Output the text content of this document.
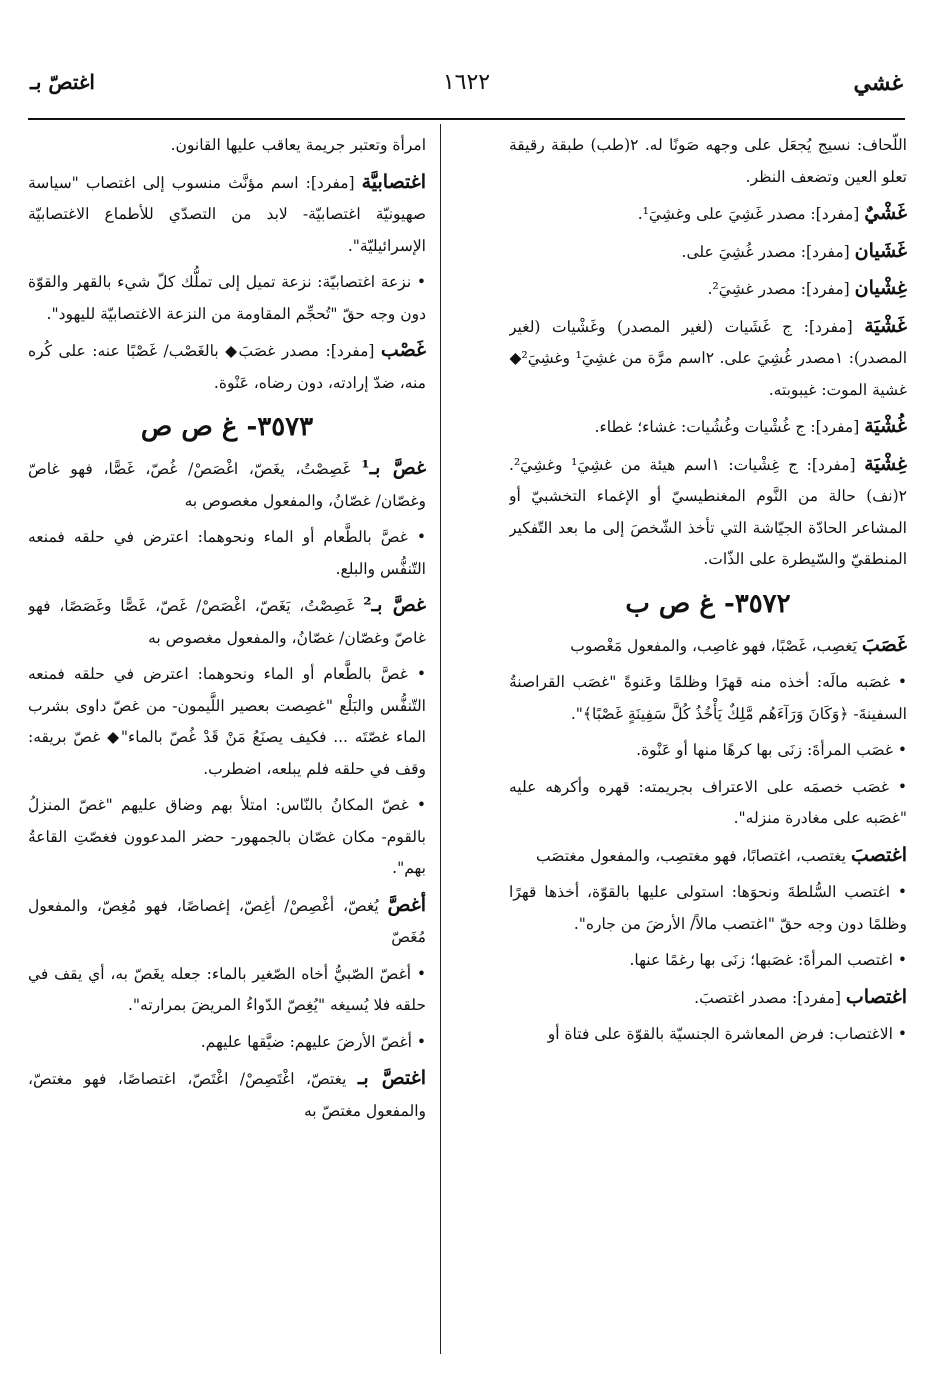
غشي
١٦٢٢
اغتصّ بـ

اللّحاف: نسيج يُجعَل على وجهه صَونًا له. ٢(طب) طبقة رقيقة تعلو العين وتضعف النظر.

غَشْيٌ [مفرد]: مصدر غَشِيَ على وغشِيَ¹.

غَشَيان [مفرد]: مصدر غُشِيَ على.

غِشْيان [مفرد]: مصدر غشِيَ².

غَشْيَة [مفرد]: ج غَشَيات (لغير المصدر) وغَشْيات (لغير المصدر): ١مصدر غُشِيَ على. ٢اسم مرَّة من غشِيَ¹ وغشِيَ²◆ غشية الموت: غيبوبته.

غُشْيَة [مفرد]: ج غُشْيات وغُشُيات: غشاء؛ غطاء.

غِشْيَة [مفرد]: ج غِشْيات: ١اسم هيئة من غشِيَ¹ وغشِيَ². ٢(نف) حالة من النَّوم المغنطيسيّ أو الإغماء التخشبيّ أو المشاعر الحادّة الجيّاشة التي تأخذ الشّخصَ إلى ما بعد التّفكير المنطقيّ والسّيطرة على الذّات.

٣٥٧٢- غ ص ب

غَصَبَ يَغصِب، غَصْبًا، فهو غاصِب، والمفعول مَغْصوب

• غصَبه مالَه: أخذه منه قهرًا وظلمًا وعَنوةً "غصَب القراصنةُ السفينةَ- ﴿وَكَانَ وَرَآءَهُم مَّلِكٌ يَأْخُذُ كُلَّ سَفِينَةٍ غَصْبًا﴾".

• غصَب المرأةَ: زنَى بها كرهًا منها أو عَنْوة.

• غصَب خصمَه على الاعتراف بجريمته: قهره وأكرهه عليه "غصَبه على مغادرة منزله".

اغتصبَ يغتصب، اغتصابًا، فهو مغتصِب، والمفعول مغتصَب

• اغتصب السُّلطةَ ونحوَها: استولى عليها بالقوّة، أخذها قهرًا وظلمًا دون وجه حقّ "اغتصب مالاً/ الأرضَ من جاره".

• اغتصب المرأةَ: غصَبها؛ زنَى بها رغمًا عنها.

اغتصاب [مفرد]: مصدر اغتصبَ.

• الاغتصاب: فرض المعاشرة الجنسيّة بالقوّة على فتاة أو

امرأة وتعتبر جريمة يعاقب عليها القانون.

اغتصابيَّة [مفرد]: اسم مؤنَّث منسوب إلى اغتصاب "سياسة صهيونيّة اغتصابيّة- لابد من التصدّي للأطماع الاغتصابيّة الإسرائيليّة".

• نزعة اغتصابيّة: نزعة تميل إلى تملُّك كلّ شيء بالقهر والقوّة دون وجه حقّ "تُحجِّم المقاومة من النزعة الاغتصابيّة لليهود".

غَصْب [مفرد]: مصدر غصَبَ◆ بالغَصْب/ غَصْبًا عنه: على كُره منه، ضدّ إرادته، دون رضاه، عَنْوة.

٣٥٧٣- غ ص ص

غصَّ بـ¹ غَصِصْتُ، يغَصّ، اغْصَصْ/ غُصّ، غَصًّا، فهو غاصّ وغصّان/ غصّانُ، والمفعول مغصوص به

• غصَّ بالطَّعام أو الماء ونحوهما: اعترض في حلقه فمنعه التّنفُّس والبلع.

غصَّ بـ² غَصِصْتُ، يَغَصّ، اغْصَصْ/ غَصّ، غَصًّا وغَصَصًا، فهو غاصّ وغصّان/ غصّانُ، والمفعول مغصوص به

• غصَّ بالطَّعام أو الماء ونحوهما: اعترض في حلقه فمنعه التّنفُّس والبَلْع "غصِصت بعصير اللَّيمون- من غصّ داوى بشرب الماء غصّتَه ... فكيف يصنَعُ مَنْ قَدْ غُصّ بالماء"◆ غصّ بريقه: وقف في حلقه فلم يبلعه، اضطرب.

• غصّ المكانُ بالنّاس: امتلأ بهم وضاق عليهم "غصّ المنزلُ بالقوم- مكان غصّان بالجمهور- حضر المدعوون فغصّتِ القاعةُ بهم".

أغصَّ يُغصّ، أغْصِصْ/ أغِصّ، إغصاصًا، فهو مُغِصّ، والمفعول مُغَصّ

• أغصّ الصّبيُّ أخاه الصّغير بالماء: جعله يغَصّ به، أي يقف في حلقه فلا يُسيغه "يُغِصّ الدّواءُ المريضَ بمرارته".

• أغصّ الأرضَ عليهم: ضيَّقها عليهم.

اغتصَّ بـ يغتصّ، اغْتَصِصْ/ اغْتَصّ، اغتصاصًا، فهو مغتصّ، والمفعول مغتصّ به
